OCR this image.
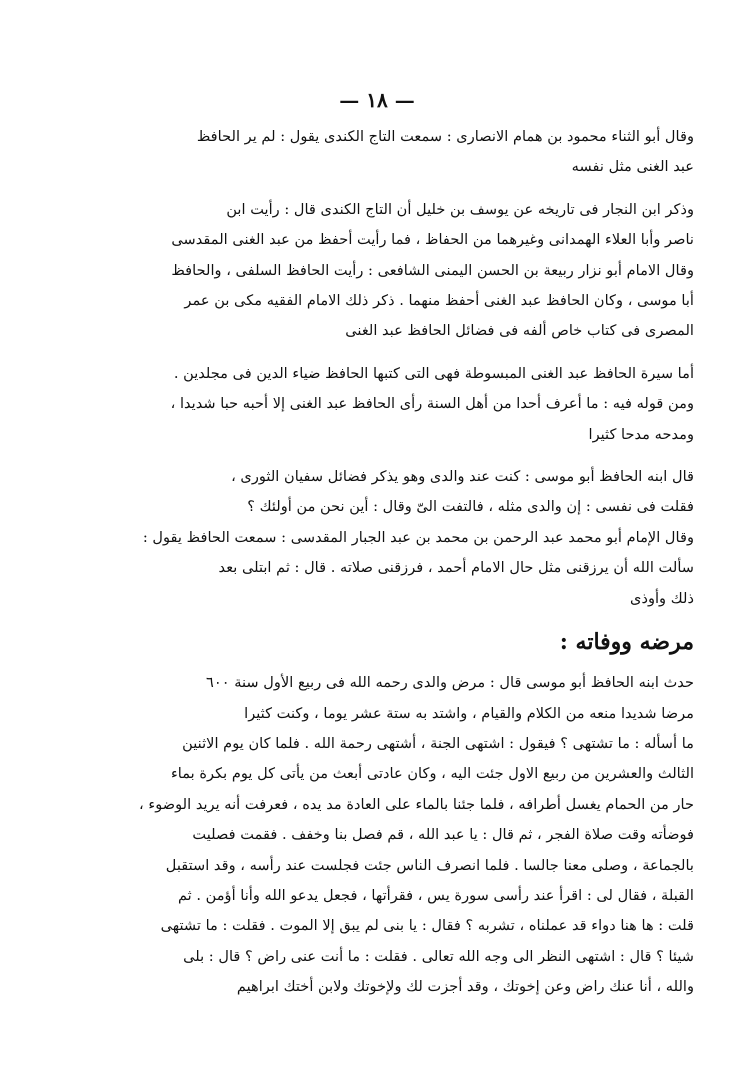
— ١٨ —

وقال أبو الثناء محمود بن همام الانصارى : سمعت التاج الكندى يقول : لم ير الحافظ
عبد الغنى مثل نفسه

وذكر ابن النجار فى تاريخه عن يوسف بن خليل أن التاج الكندى قال : رأيت ابن
ناصر وأبا العلاء الهمدانى وغيرهما من الحفاظ ، فما رأيت أحفظ من عبد الغنى المقدسى

وقال الامام أبو نزار ربيعة بن الحسن اليمنى الشافعى : رأيت الحافظ السلفى ، والحافظ
أبا موسى ، وكان الحافظ عبد الغنى أحفظ منهما . ذكر ذلك الامام الفقيه مكى بن عمر
المصرى فى كتاب خاص ألفه فى فضائل الحافظ عبد الغنى

أما سيرة الحافظ عبد الغنى المبسوطة فهى التى كتبها الحافظ ضياء الدين فى مجلدين .
ومن قوله فيه : ما أعرف أحدا من أهل السنة رأى الحافظ عبد الغنى إلا أحبه حبا شديدا ،
ومدحه مدحا كثيرا

قال ابنه الحافظ أبو موسى : كنت عند والدى وهو يذكر فضائل سفيان الثورى ،
فقلت فى نفسى : إن والدى مثله ، فالتفت الىّ وقال : أين نحن من أولئك ؟

وقال الإمام أبو محمد عبد الرحمن بن محمد بن عبد الجبار المقدسى : سمعت الحافظ يقول :
سألت الله أن يرزقنى مثل حال الامام أحمد ، فرزقنى صلاته . قال : ثم ابتلى بعد
ذلك وأوذى

مرضه ووفاته :

حدث ابنه الحافظ أبو موسى قال : مرض والدى رحمه الله فى ربيع الأول سنة ٦٠٠
مرضا شديدا منعه من الكلام والقيام ، واشتد به ستة عشر يوما ، وكنت كثيرا
ما أسأله : ما تشتهى ؟ فيقول : اشتهى الجنة ، أشتهى رحمة الله . فلما كان يوم الاثنين
الثالث والعشرين من ربيع الاول جئت اليه ، وكان عادتى أبعث من يأتى كل يوم بكرة بماء
حار من الحمام يغسل أطرافه ، فلما جئنا بالماء على العادة مد يده ، فعرفت أنه يريد الوضوء ،
فوضأته وقت صلاة الفجر ، ثم قال : يا عبد الله ، قم فصل بنا وخفف . فقمت فصليت
بالجماعة ، وصلى معنا جالسا . فلما انصرف الناس جئت فجلست عند رأسه ، وقد استقبل
القبلة ، فقال لى : اقرأ عند رأسى سورة يس ، فقرأتها ، فجعل يدعو الله وأنا أؤمن . ثم
قلت : ها هنا دواء قد عملناه ، تشربه ؟ فقال : يا بنى لم يبق إلا الموت . فقلت : ما تشتهى
شيئا ؟ قال : اشتهى النظر الى وجه الله تعالى . فقلت : ما أنت عنى راض ؟ قال : بلى
والله ، أنا عنك راض وعن إخوتك ، وقد أجزت لك ولإخوتك ولابن أختك ابراهيم
